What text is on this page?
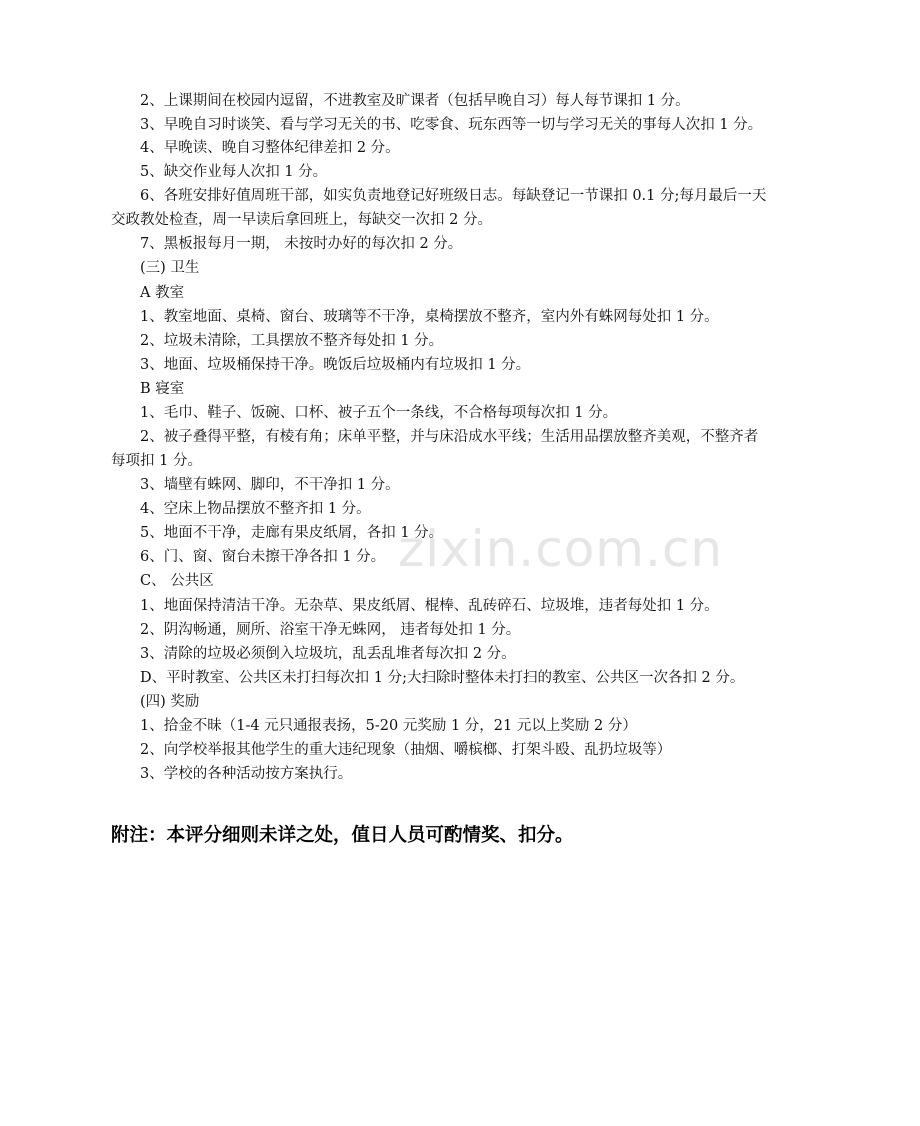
zixin.com.cn
2、上课期间在校园内逗留，不进教室及旷课者（包括早晚自习）每人每节课扣 1 分。
3、早晚自习时谈笑、看与学习无关的书、吃零食、玩东西等一切与学习无关的事每人次扣 1 分。
4、早晚读、晚自习整体纪律差扣 2 分。
5、缺交作业每人次扣 1 分。
6、各班安排好值周班干部，如实负责地登记好班级日志。每缺登记一节课扣 0.1 分;每月最后一天
交政教处检查，周一早读后拿回班上，每缺交一次扣 2 分。
7、黑板报每月一期， 未按时办好的每次扣 2 分。
(三) 卫生
A 教室
1、教室地面、桌椅、窗台、玻璃等不干净，桌椅摆放不整齐，室内外有蛛网每处扣 1 分。
2、垃圾未清除，工具摆放不整齐每处扣 1 分。
3、地面、垃圾桶保持干净。晚饭后垃圾桶内有垃圾扣 1 分。
B 寝室
1、毛巾、鞋子、饭碗、口杯、被子五个一条线，不合格每项每次扣 1 分。
2、被子叠得平整，有棱有角；床单平整，并与床沿成水平线；生活用品摆放整齐美观，不整齐者
每项扣 1 分。
3、墙壁有蛛网、脚印，不干净扣 1 分。
4、空床上物品摆放不整齐扣 1 分。
5、地面不干净，走廊有果皮纸屑，各扣 1 分。
6、门、窗、窗台未擦干净各扣 1 分。
C、 公共区
1、地面保持清洁干净。无杂草、果皮纸屑、棍棒、乱砖碎石、垃圾堆，违者每处扣 1 分。
2、阴沟畅通，厕所、浴室干净无蛛网， 违者每处扣 1 分。
3、清除的垃圾必须倒入垃圾坑，乱丢乱堆者每次扣 2 分。
D、平时教室、公共区未打扫每次扣 1 分;大扫除时整体未打扫的教室、公共区一次各扣 2 分。
(四) 奖励
1、拾金不昧（1-4 元只通报表扬，5-20 元奖励 1 分，21 元以上奖励 2 分）
2、向学校举报其他学生的重大违纪现象（抽烟、嚼槟榔、打架斗殴、乱扔垃圾等）
3、学校的各种活动按方案执行。
附注：本评分细则未详之处，值日人员可酌情奖、扣分。
